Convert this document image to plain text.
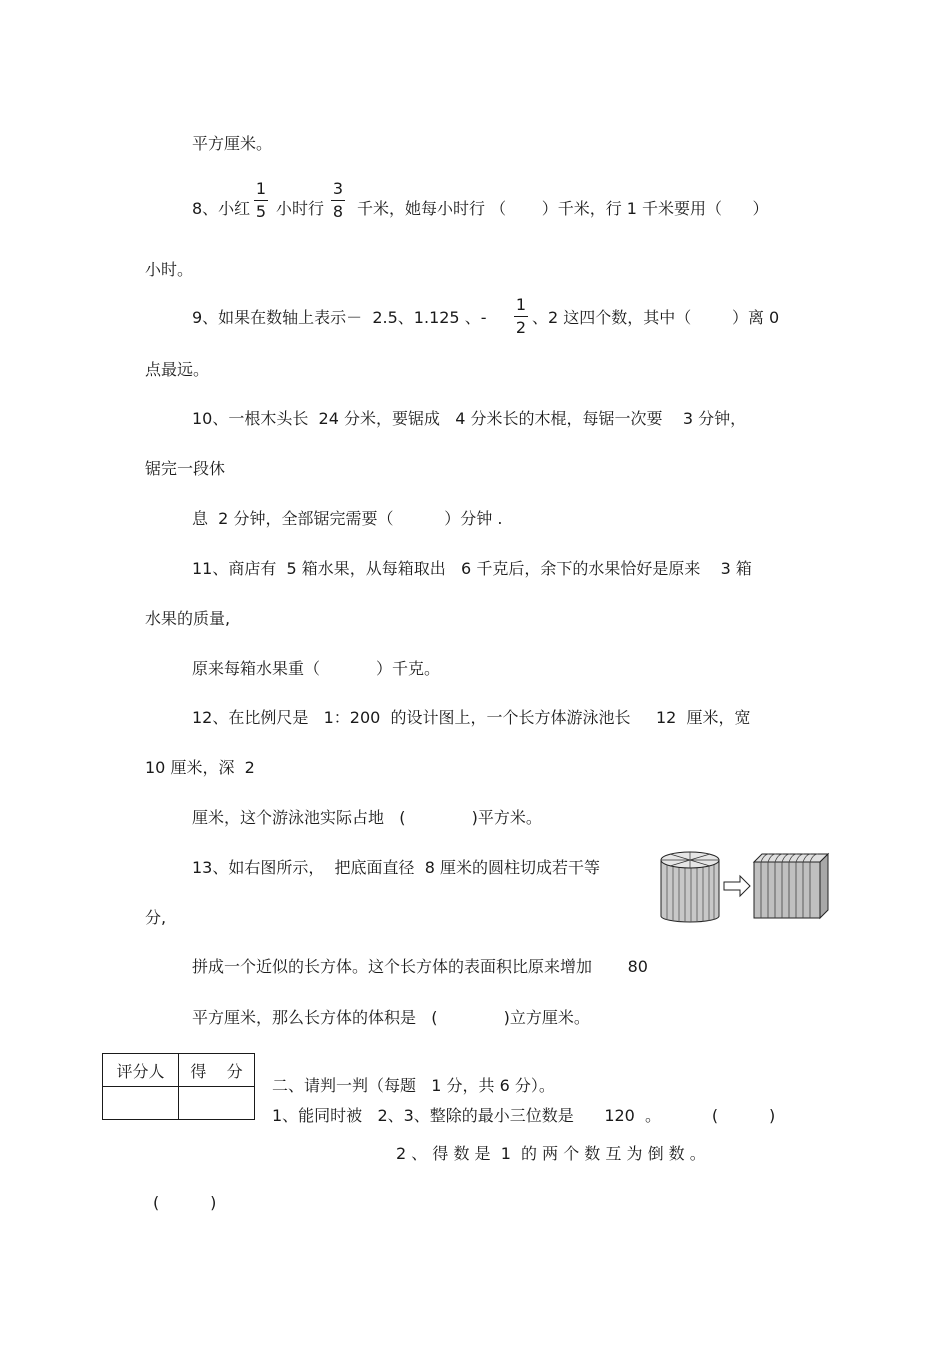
平方厘米。
8、小红
1
5 小时行
3
8 千米，她每小时行 （       ）千米，行 1 千米要用（      ）
小时。
9、如果在数轴上表示－  2.5、1.125 、-
1
2
、2 这四个数，其中（        ）离 0
点最远。
10、一根木头长  24 分米，要锯成   4 分米长的木棍，每锯一次要    3 分钟，
锯完一段休
息  2 分钟，全部锯完需要（          ）分钟 .
11、商店有  5 箱水果，从每箱取出   6 千克后，余下的水果恰好是原来    3 箱
水果的质量,
原来每箱水果重（           ）千克。
12、在比例尺是   1：200  的设计图上，一个长方体游泳池长     12  厘米，宽
10 厘米，深  2
厘米，这个游泳池实际占地   (             )平方米。
13、如右图所示，  把底面直径  8 厘米的圆柱切成若干等
分,
拼成一个近似的长方体。这个长方体的表面积比原来增加       80
平方厘米，那么长方体的体积是   (             )立方厘米。
评分人	得    分

二、请判一判（每题   1 分，共 6 分）。
1、能同时被   2、3、整除的最小三位数是      120  。          (          )
2 、 得 数 是  1  的 两 个 数 互 为 倒 数 。
(          )
